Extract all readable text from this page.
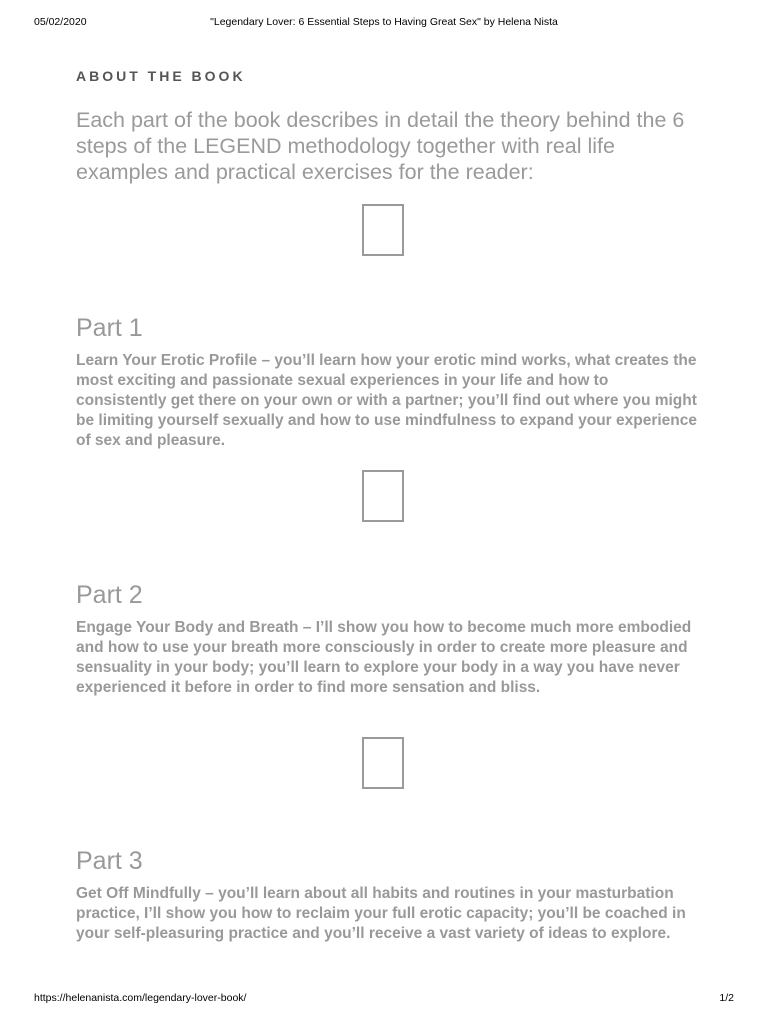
05/02/2020	"Legendary Lover: 6 Essential Steps to Having Great Sex" by Helena Nista
ABOUT THE BOOK

Each part of the book describes in detail the theory behind the 6 steps of the LEGEND methodology together with real life examples and practical exercises for the reader:

Part 1

Learn Your Erotic Profile – you’ll learn how your erotic mind works, what creates the most exciting and passionate sexual experiences in your life and how to consistently get there on your own or with a partner; you’ll find out where you might be limiting yourself sexually and how to use mindfulness to expand your experience of sex and pleasure.

Part 2

Engage Your Body and Breath – I’ll show you how to become much more embodied and how to use your breath more consciously in order to create more pleasure and sensuality in your body; you’ll learn to explore your body in a way you have never experienced it before in order to find more sensation and bliss.

Part 3

Get Off Mindfully – you’ll learn about all habits and routines in your masturbation practice, I’ll show you how to reclaim your full erotic capacity; you’ll be coached in your self-pleasuring practice and you’ll receive a vast variety of ideas to explore.

https://helenanista.com/legendary-lover-book/	1/2
